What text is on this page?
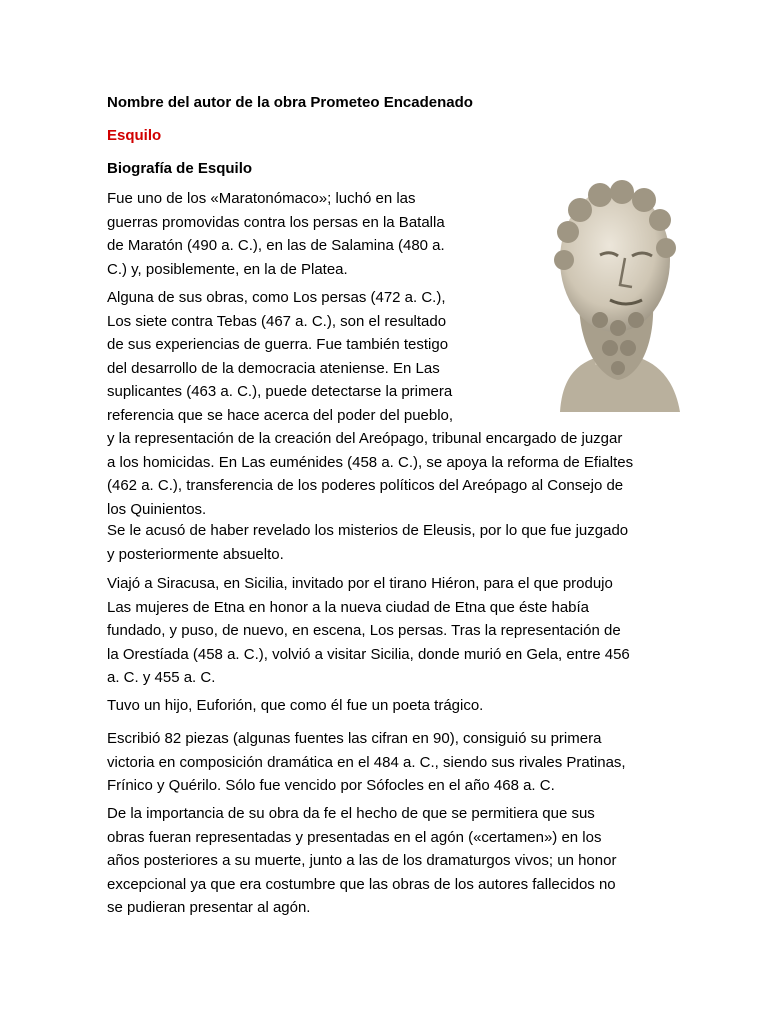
Nombre del autor de la obra Prometeo Encadenado
Esquilo
Biografía de Esquilo
Fue uno de los «Maratonómaco»; luchó en las
guerras promovidas contra los persas en la Batalla
de Maratón (490 a. C.), en las de Salamina (480 a.
C.) y, posiblemente, en la de Platea.
Alguna de sus obras, como Los persas (472 a. C.),
Los siete contra Tebas (467 a. C.), son el resultado
de sus experiencias de guerra. Fue también testigo
del desarrollo de la democracia ateniense. En Las
suplicantes (463 a. C.), puede detectarse la primera
referencia que se hace acerca del poder del pueblo,
y la representación de la creación del Areópago, tribunal encargado de juzgar
a los homicidas. En Las euménides (458 a. C.), se apoya la reforma de Efialtes
(462 a. C.), transferencia de los poderes políticos del Areópago al Consejo de
los Quinientos.
Se le acusó de haber revelado los misterios de Eleusis, por lo que fue juzgado
y posteriormente absuelto.
Viajó a Siracusa, en Sicilia, invitado por el tirano Hiéron, para el que produjo
Las mujeres de Etna en honor a la nueva ciudad de Etna que éste había
fundado, y puso, de nuevo, en escena, Los persas. Tras la representación de
la Orestíada (458 a. C.), volvió a visitar Sicilia, donde murió en Gela, entre 456
a. C. y 455 a. C.
Tuvo un hijo, Euforión, que como él fue un poeta trágico.
Escribió 82 piezas (algunas fuentes las cifran en 90), consiguió su primera
victoria en composición dramática en el 484 a. C., siendo sus rivales Pratinas,
Frínico y Quérilo. Sólo fue vencido por Sófocles en el año 468 a. C.
De la importancia de su obra da fe el hecho de que se permitiera que sus
obras fueran representadas y presentadas en el agón («certamen») en los
años posteriores a su muerte, junto a las de los dramaturgos vivos; un honor
excepcional ya que era costumbre que las obras de los autores fallecidos no
se pudieran presentar al agón.
